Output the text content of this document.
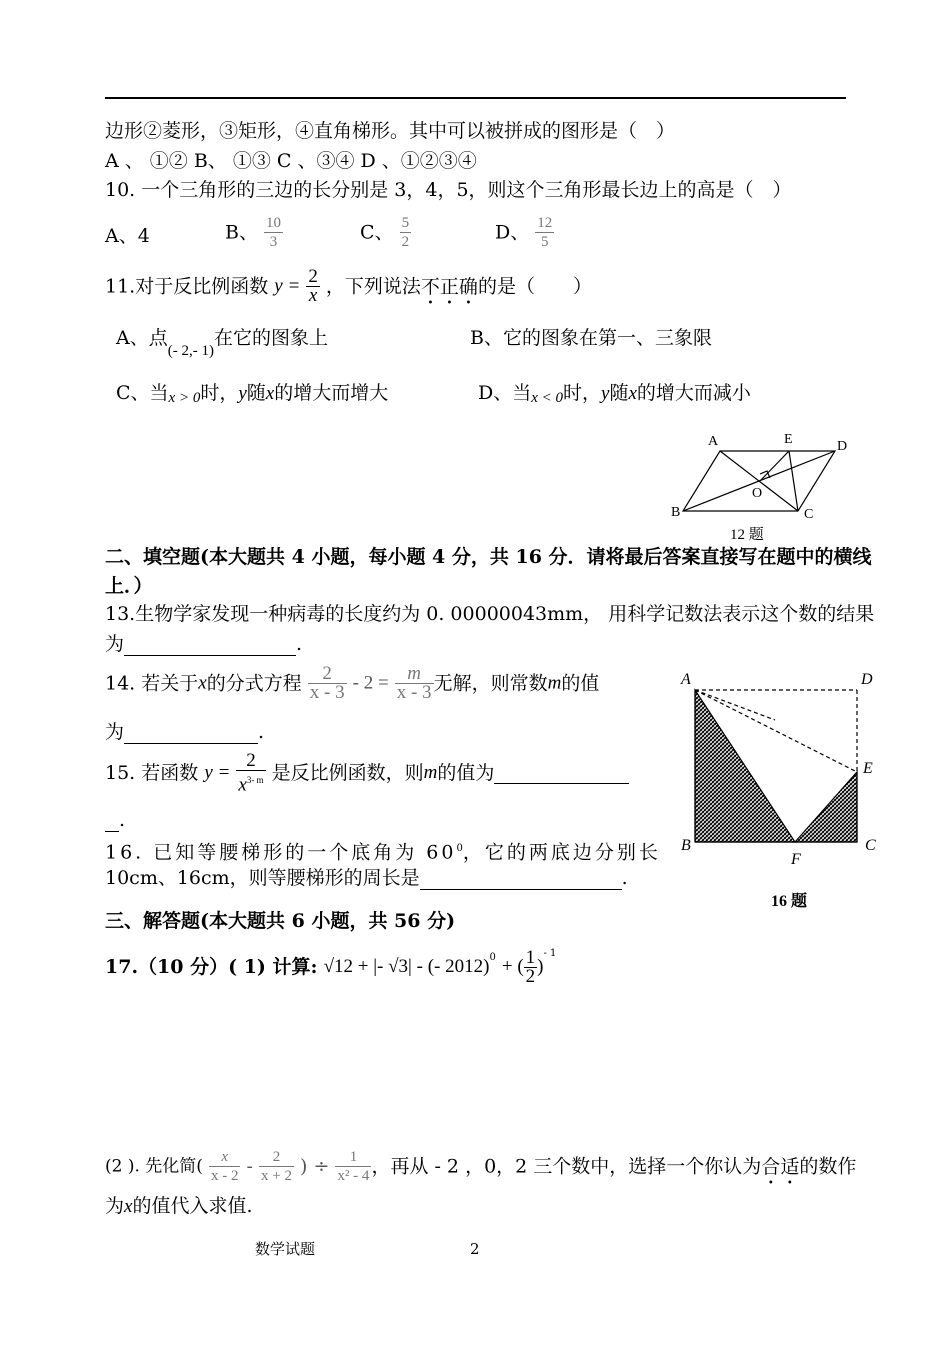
边形②菱形，③矩形，④直角梯形。其中可以被拼成的图形是（　）
A 、 ①② B、 ①③ C 、③④ D 、①②③④
10. 一个三角形的三边的长分别是 3，4，5，则这个三角形最长边上的高是（　）
A、4	B、 $\frac{10}{3}$	C、 $\frac{5}{2}$	D、 $\frac{12}{5}$
11.对于反比例函数 $y = \frac{2}{x}$ ，下列说法不正确的是（　　）
A、点$_{(- 2,- 1)}$在它的图象上	B、它的图象在第一、三象限
C、当x > 0时，y随x的增大而增大	D、当x < 0时，y随x的增大而减小
A	E	D
B
O
C
12 题
二、填空题(本大题共 4 小题，每小题 4 分，共 16 分．请将最后答案直接写在题中的横线
上．）
13.生物学家发现一种病毒的长度约为 0. 00000043mm， 用科学记数法表示这个数的结果
为	.
14. 若关于x的分式方程 $\frac{2}{x - 3} - 2 = \frac{m}{x - 3}$ 无解，则常数m的值
为	.
15. 若函数 $y = \frac{2}{x^{3- m}}$ 是反比例函数，则m的值为
.
16. 已知等腰梯形的一个底角为 $60^0$，它的两底边分别长
10cm、16cm，则等腰梯形的周长是	.
A	D
E
B
F
C
16 题
三、解答题(本大题共 6 小题，共 56 分)
17.（10 分）( 1) 计算: √12 + |- √3| - (- 2012)$^0$ + ( $\frac{1}{2} )^{- 1}$
(2 ). 先化简( $\frac{x}{x - 2} - \frac{2}{x + 2}$ ) ÷ $\frac{1}{\text{x² - 4}}$ ，再从 - 2 ，0，2 三个数中，选择一个你认为合适的数作
为x的值代入求值.
数学试题	2
